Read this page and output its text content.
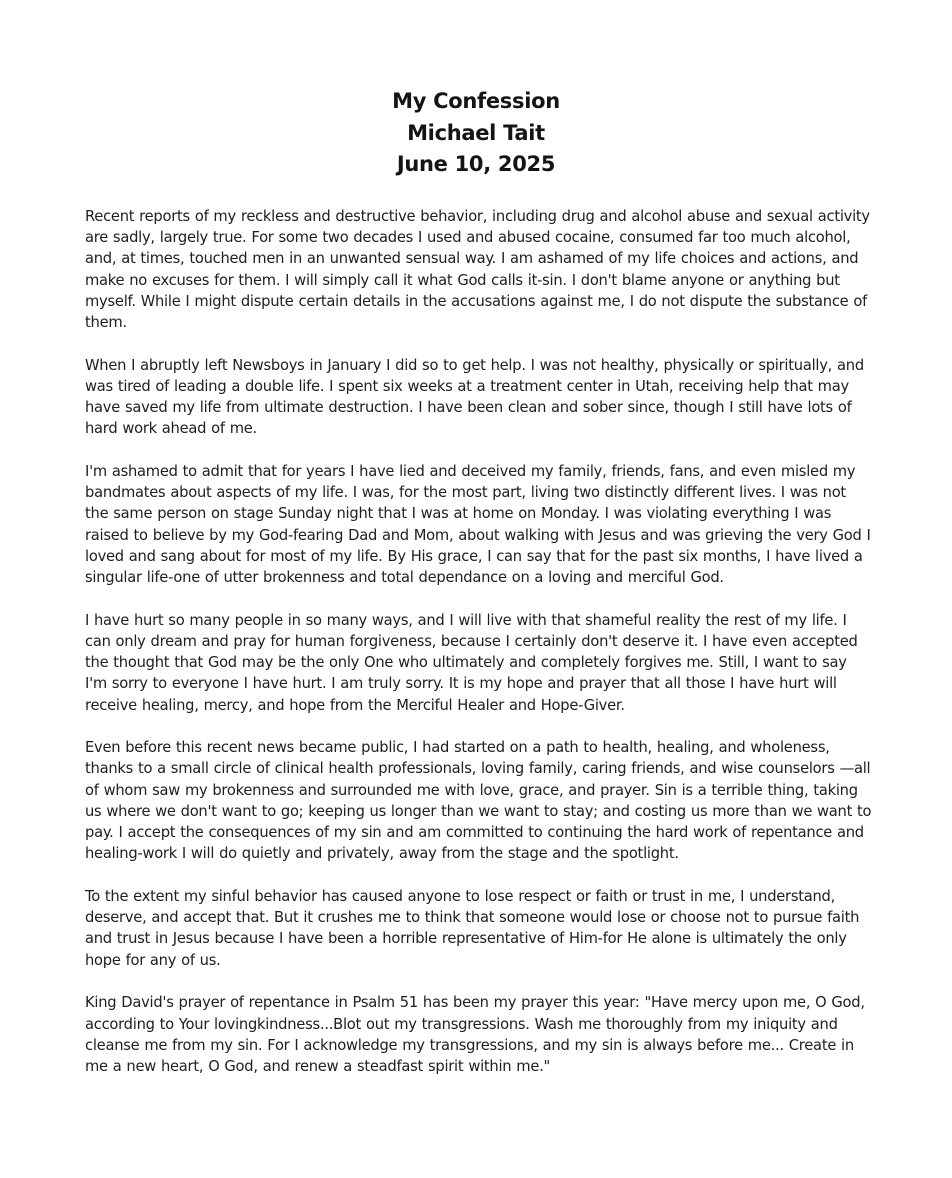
My Confession
Michael Tait
June 10, 2025

Recent reports of my reckless and destructive behavior, including drug and alcohol abuse and sexual activity are sadly, largely true. For some two decades I used and abused cocaine, consumed far too much alcohol, and, at times, touched men in an unwanted sensual way. I am ashamed of my life choices and actions, and make no excuses for them. I will simply call it what God calls it-sin. I don't blame anyone or anything but myself. While I might dispute certain details in the accusations against me, I do not dispute the substance of them.

When I abruptly left Newsboys in January I did so to get help. I was not healthy, physically or spiritually, and was tired of leading a double life. I spent six weeks at a treatment center in Utah, receiving help that may have saved my life from ultimate destruction. I have been clean and sober since, though I still have lots of hard work ahead of me.

I'm ashamed to admit that for years I have lied and deceived my family, friends, fans, and even misled my bandmates about aspects of my life. I was, for the most part, living two distinctly different lives. I was not the same person on stage Sunday night that I was at home on Monday. I was violating everything I was raised to believe by my God-fearing Dad and Mom, about walking with Jesus and was grieving the very God I loved and sang about for most of my life. By His grace, I can say that for the past six months, I have lived a singular life-one of utter brokenness and total dependance on a loving and merciful God.

I have hurt so many people in so many ways, and I will live with that shameful reality the rest of my life. I can only dream and pray for human forgiveness, because I certainly don't deserve it. I have even accepted the thought that God may be the only One who ultimately and completely forgives me. Still, I want to say I'm sorry to everyone I have hurt. I am truly sorry. It is my hope and prayer that all those I have hurt will receive healing, mercy, and hope from the Merciful Healer and Hope-Giver.

Even before this recent news became public, I had started on a path to health, healing, and wholeness, thanks to a small circle of clinical health professionals, loving family, caring friends, and wise counselors —all of whom saw my brokenness and surrounded me with love, grace, and prayer. Sin is a terrible thing, taking us where we don't want to go; keeping us longer than we want to stay; and costing us more than we want to pay. I accept the consequences of my sin and am committed to continuing the hard work of repentance and healing-work I will do quietly and privately, away from the stage and the spotlight.

To the extent my sinful behavior has caused anyone to lose respect or faith or trust in me, I understand, deserve, and accept that. But it crushes me to think that someone would lose or choose not to pursue faith and trust in Jesus because I have been a horrible representative of Him-for He alone is ultimately the only hope for any of us.

King David's prayer of repentance in Psalm 51 has been my prayer this year: "Have mercy upon me, O God, according to Your lovingkindness...Blot out my transgressions. Wash me thoroughly from my iniquity and cleanse me from my sin. For I acknowledge my transgressions, and my sin is always before me... Create in me a new heart, O God, and renew a steadfast spirit within me."
